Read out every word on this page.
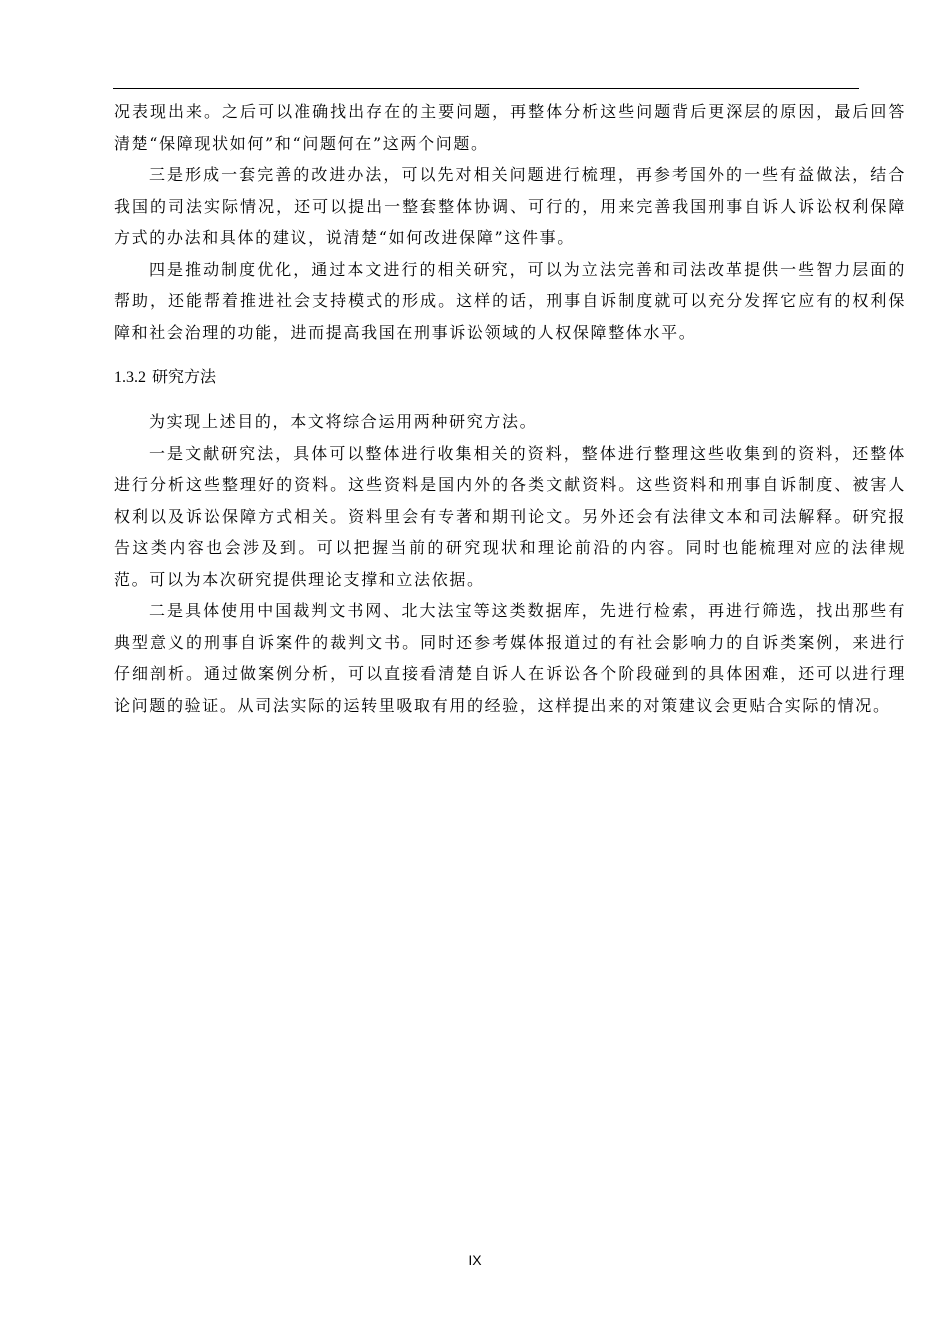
况表现出来。之后可以准确找出存在的主要问题，再整体分析这些问题背后更深层的原因，最后回答清楚“保障现状如何”和“问题何在”这两个问题。

三是形成一套完善的改进办法，可以先对相关问题进行梳理，再参考国外的一些有益做法，结合我国的司法实际情况，还可以提出一整套整体协调、可行的，用来完善我国刑事自诉人诉讼权利保障方式的办法和具体的建议，说清楚“如何改进保障”这件事。

四是推动制度优化，通过本文进行的相关研究，可以为立法完善和司法改革提供一些智力层面的帮助，还能帮着推进社会支持模式的形成。这样的话，刑事自诉制度就可以充分发挥它应有的权利保障和社会治理的功能，进而提高我国在刑事诉讼领域的人权保障整体水平。

1.3.2 研究方法

为实现上述目的，本文将综合运用两种研究方法。

一是文献研究法，具体可以整体进行收集相关的资料，整体进行整理这些收集到的资料，还整体进行分析这些整理好的资料。这些资料是国内外的各类文献资料。这些资料和刑事自诉制度、被害人权利以及诉讼保障方式相关。资料里会有专著和期刊论文。另外还会有法律文本和司法解释。研究报告这类内容也会涉及到。可以把握当前的研究现状和理论前沿的内容。同时也能梳理对应的法律规范。可以为本次研究提供理论支撑和立法依据。

二是具体使用中国裁判文书网、北大法宝等这类数据库，先进行检索，再进行筛选，找出那些有典型意义的刑事自诉案件的裁判文书。同时还参考媒体报道过的有社会影响力的自诉类案例，来进行仔细剖析。通过做案例分析，可以直接看清楚自诉人在诉讼各个阶段碰到的具体困难，还可以进行理论问题的验证。从司法实际的运转里吸取有用的经验，这样提出来的对策建议会更贴合实际的情况。

IX
